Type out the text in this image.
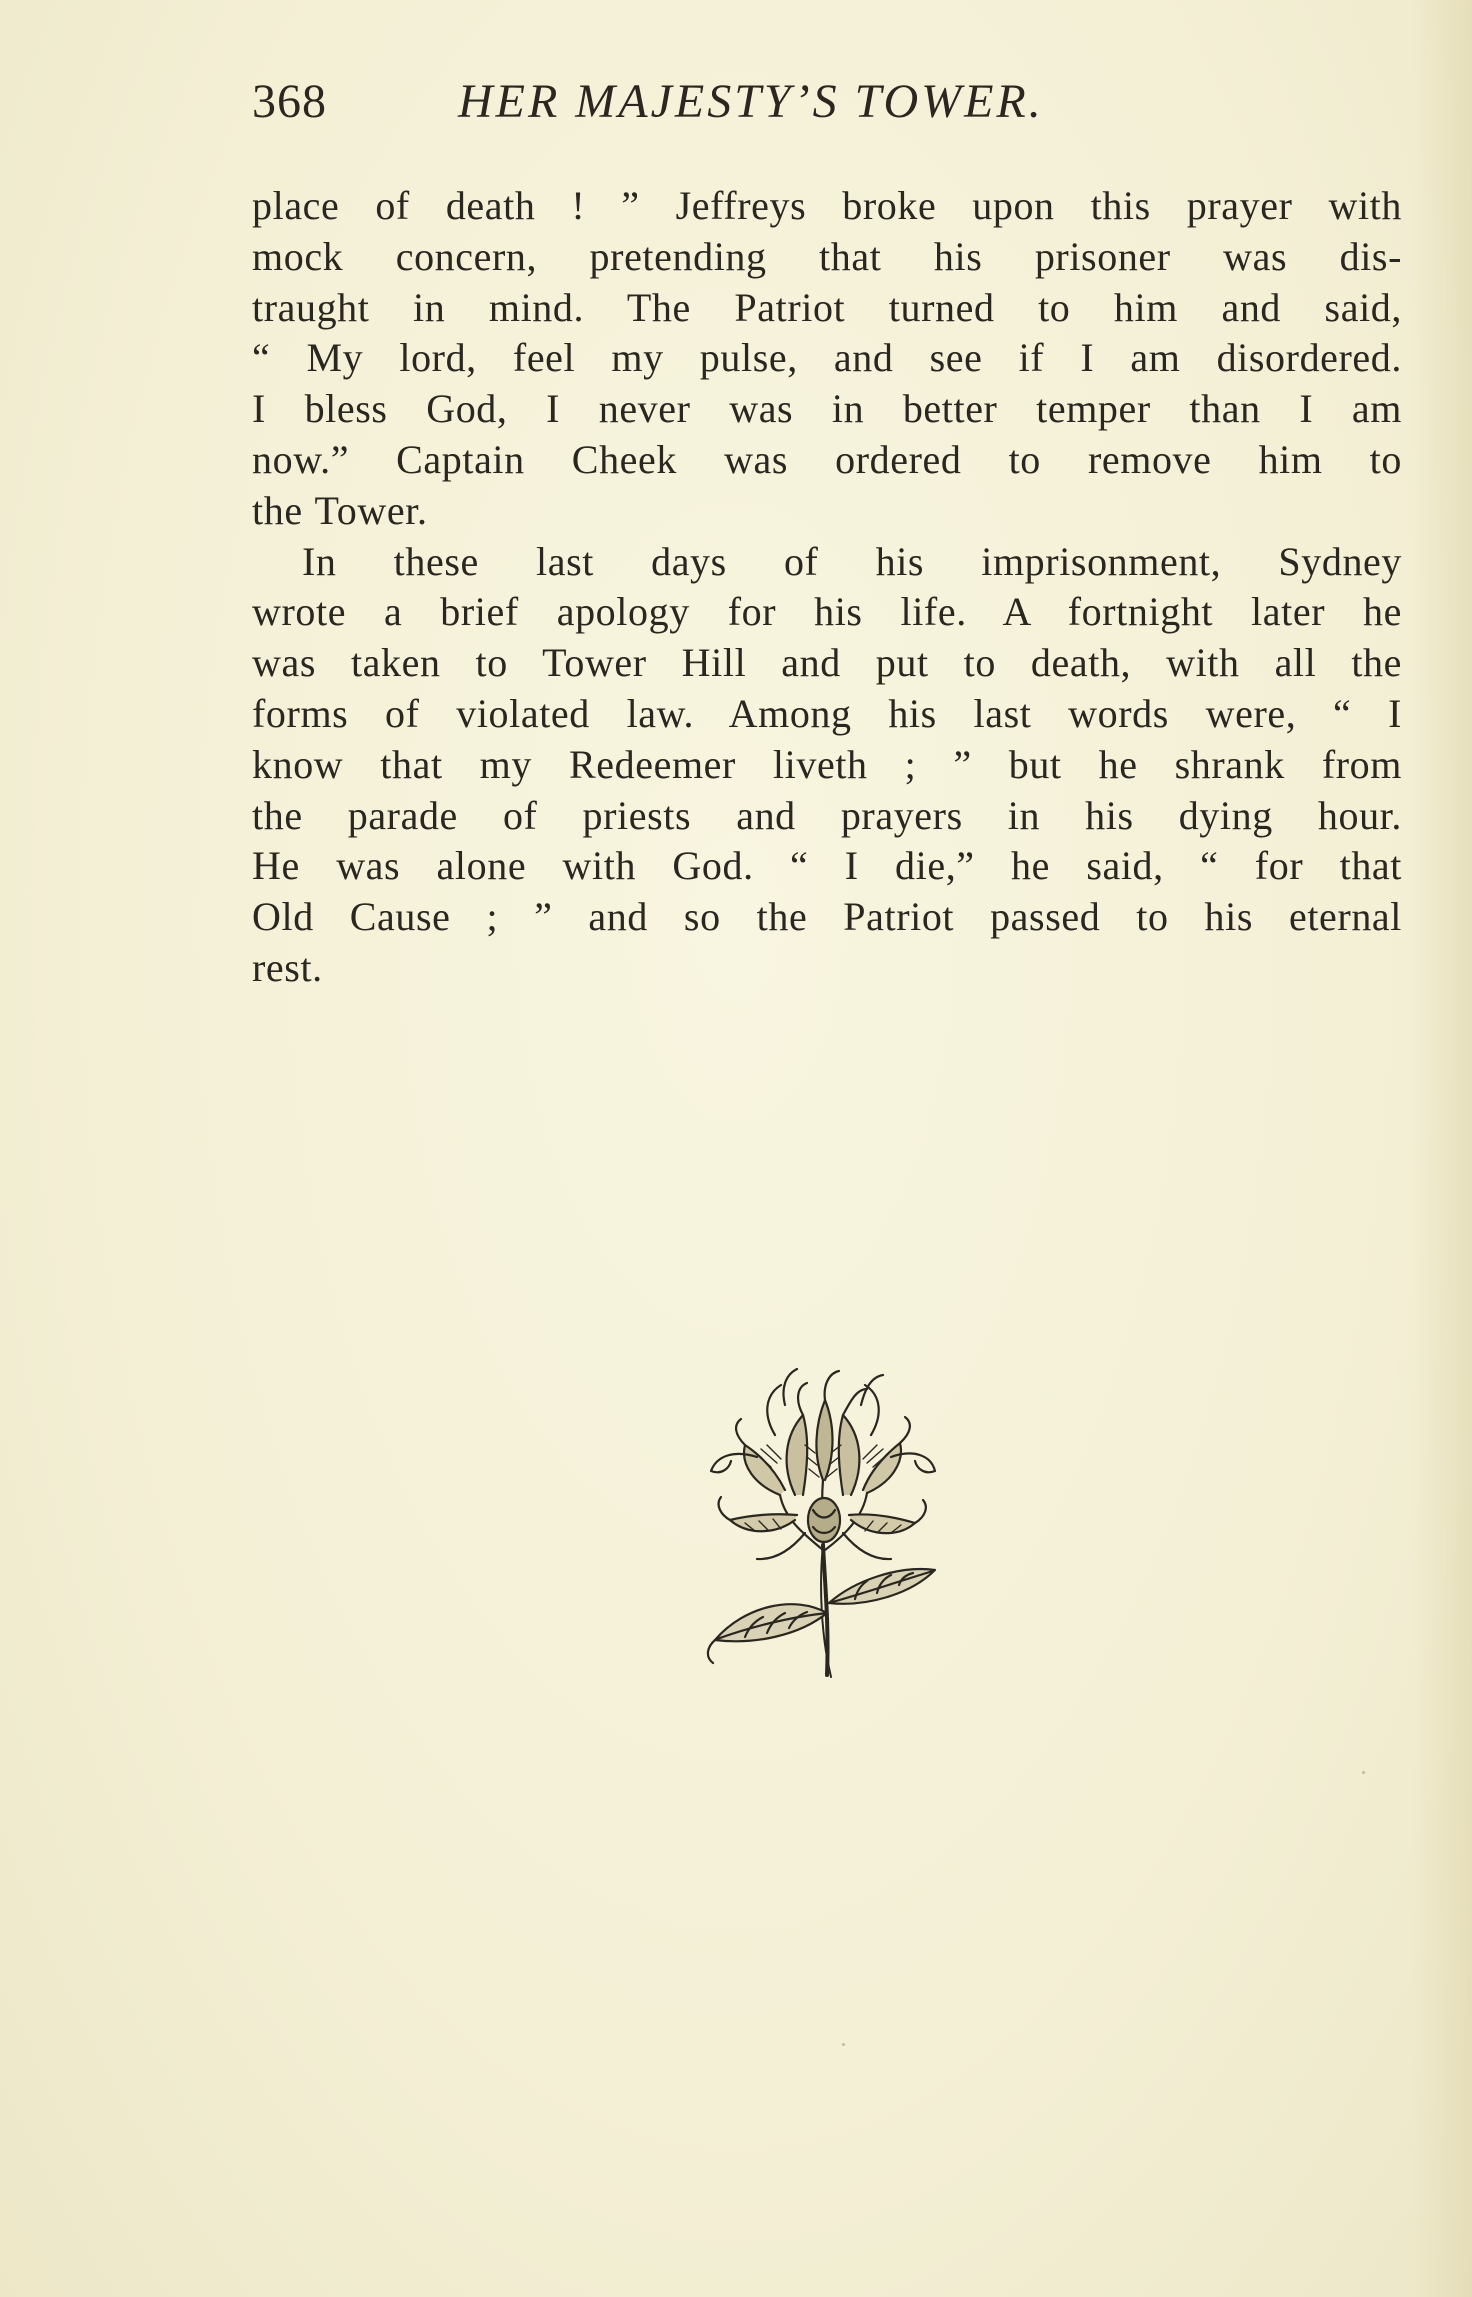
368	HER MAJESTY’S TOWER.
place of death ! ” Jeffreys broke upon this prayer with
mock concern, pretending that his prisoner was dis-
traught in mind. The Patriot turned to him and said,
“ My lord, feel my pulse, and see if I am disordered.
I bless God, I never was in better temper than I am
now.” Captain Cheek was ordered to remove him to
the Tower.
In these last days of his imprisonment, Sydney
wrote a brief apology for his life. A fortnight later he
was taken to Tower Hill and put to death, with all the
forms of violated law. Among his last words were, “ I
know that my Redeemer liveth ; ” but he shrank from
the parade of priests and prayers in his dying hour.
He was alone with God. “ I die,” he said, “ for that
Old Cause ; ” and so the Patriot passed to his eternal
rest.
